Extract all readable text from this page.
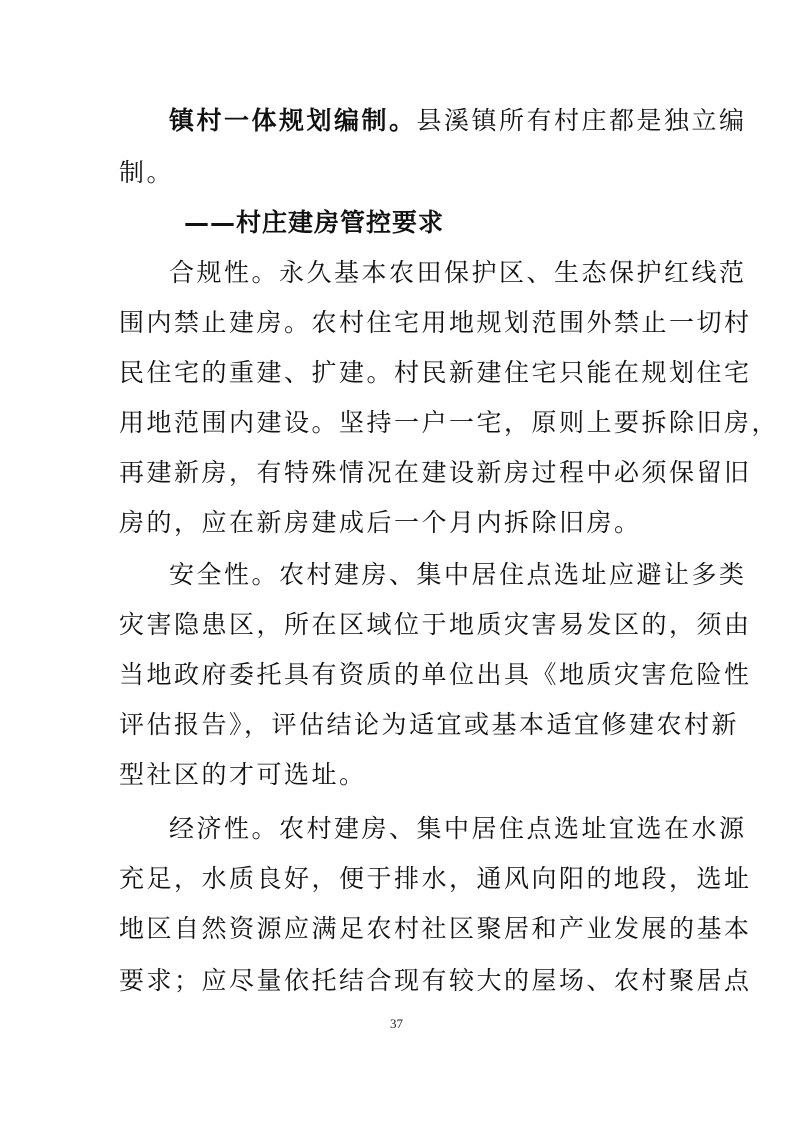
镇村一体规划编制。县溪镇所有村庄都是独立编
制。
——村庄建房管控要求
合规性。永久基本农田保护区、生态保护红线范
围内禁止建房。农村住宅用地规划范围外禁止一切村
民住宅的重建、扩建。村民新建住宅只能在规划住宅
用地范围内建设。坚持一户一宅，原则上要拆除旧房，
再建新房，有特殊情况在建设新房过程中必须保留旧
房的，应在新房建成后一个月内拆除旧房。
安全性。农村建房、集中居住点选址应避让多类
灾害隐患区，所在区域位于地质灾害易发区的，须由
当地政府委托具有资质的单位出具《地质灾害危险性
评估报告》，评估结论为适宜或基本适宜修建农村新
型社区的才可选址。
经济性。农村建房、集中居住点选址宜选在水源
充足，水质良好，便于排水，通风向阳的地段，选址
地区自然资源应满足农村社区聚居和产业发展的基本
要求；应尽量依托结合现有较大的屋场、农村聚居点
37
